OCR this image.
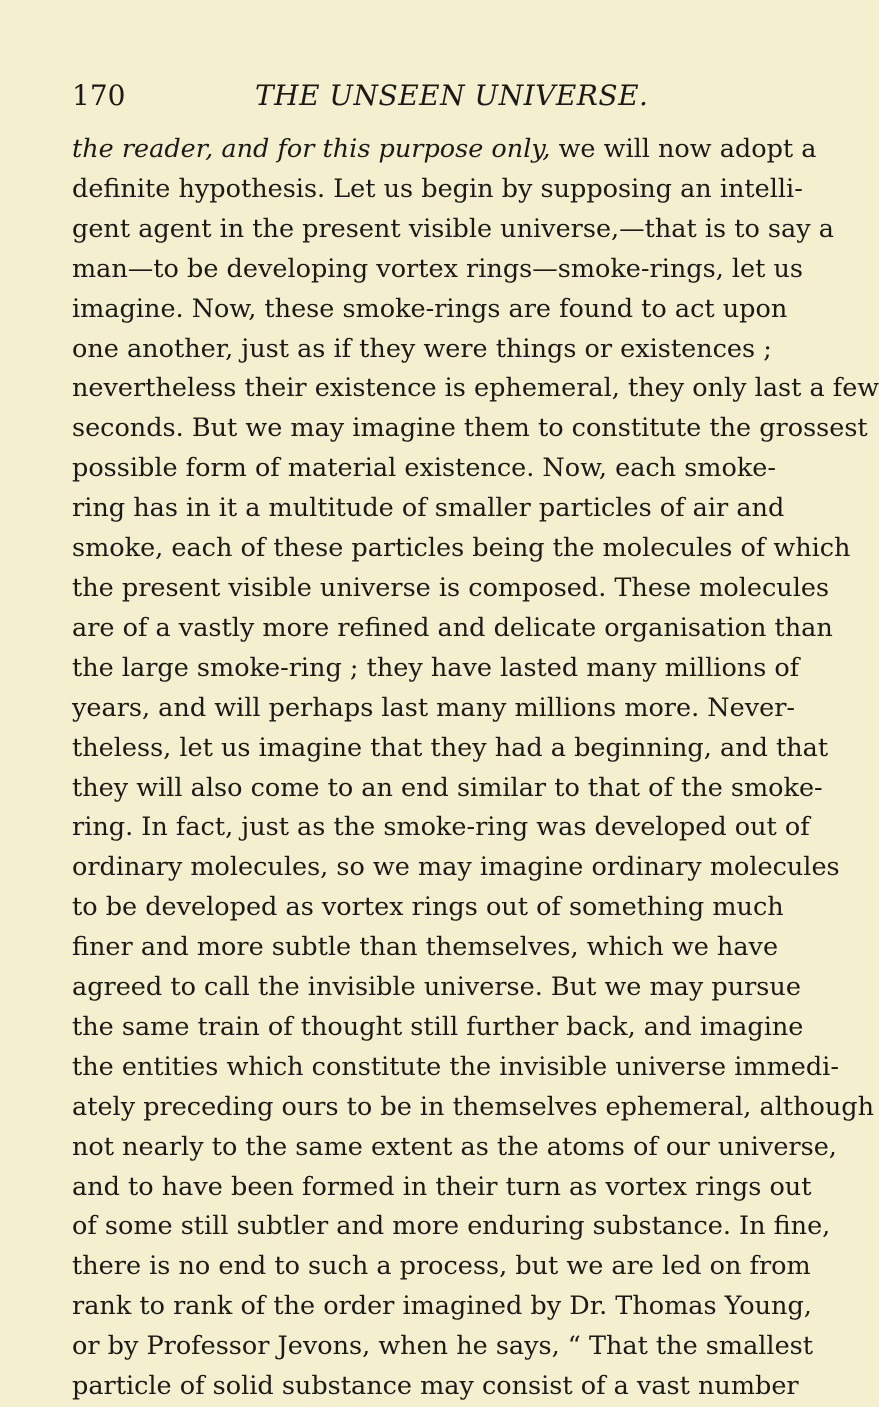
170	THE UNSEEN UNIVERSE.
the reader, and for this purpose only, we will now adopt a
definite hypothesis. Let us begin by supposing an intelli-
gent agent in the present visible universe,—that is to say a
man—to be developing vortex rings—smoke-rings, let us
imagine. Now, these smoke-rings are found to act upon
one another, just as if they were things or existences ;
nevertheless their existence is ephemeral, they only last a few
seconds. But we may imagine them to constitute the grossest
possible form of material existence. Now, each smoke-
ring has in it a multitude of smaller particles of air and
smoke, each of these particles being the molecules of which
the present visible universe is composed. These molecules
are of a vastly more refined and delicate organisation than
the large smoke-ring ; they have lasted many millions of
years, and will perhaps last many millions more. Never-
theless, let us imagine that they had a beginning, and that
they will also come to an end similar to that of the smoke-
ring. In fact, just as the smoke-ring was developed out of
ordinary molecules, so we may imagine ordinary molecules
to be developed as vortex rings out of something much
finer and more subtle than themselves, which we have
agreed to call the invisible universe. But we may pursue
the same train of thought still further back, and imagine
the entities which constitute the invisible universe immedi-
ately preceding ours to be in themselves ephemeral, although
not nearly to the same extent as the atoms of our universe,
and to have been formed in their turn as vortex rings out
of some still subtler and more enduring substance. In fine,
there is no end to such a process, but we are led on from
rank to rank of the order imagined by Dr. Thomas Young,
or by Professor Jevons, when he says, “ That the smallest
particle of solid substance may consist of a vast number
